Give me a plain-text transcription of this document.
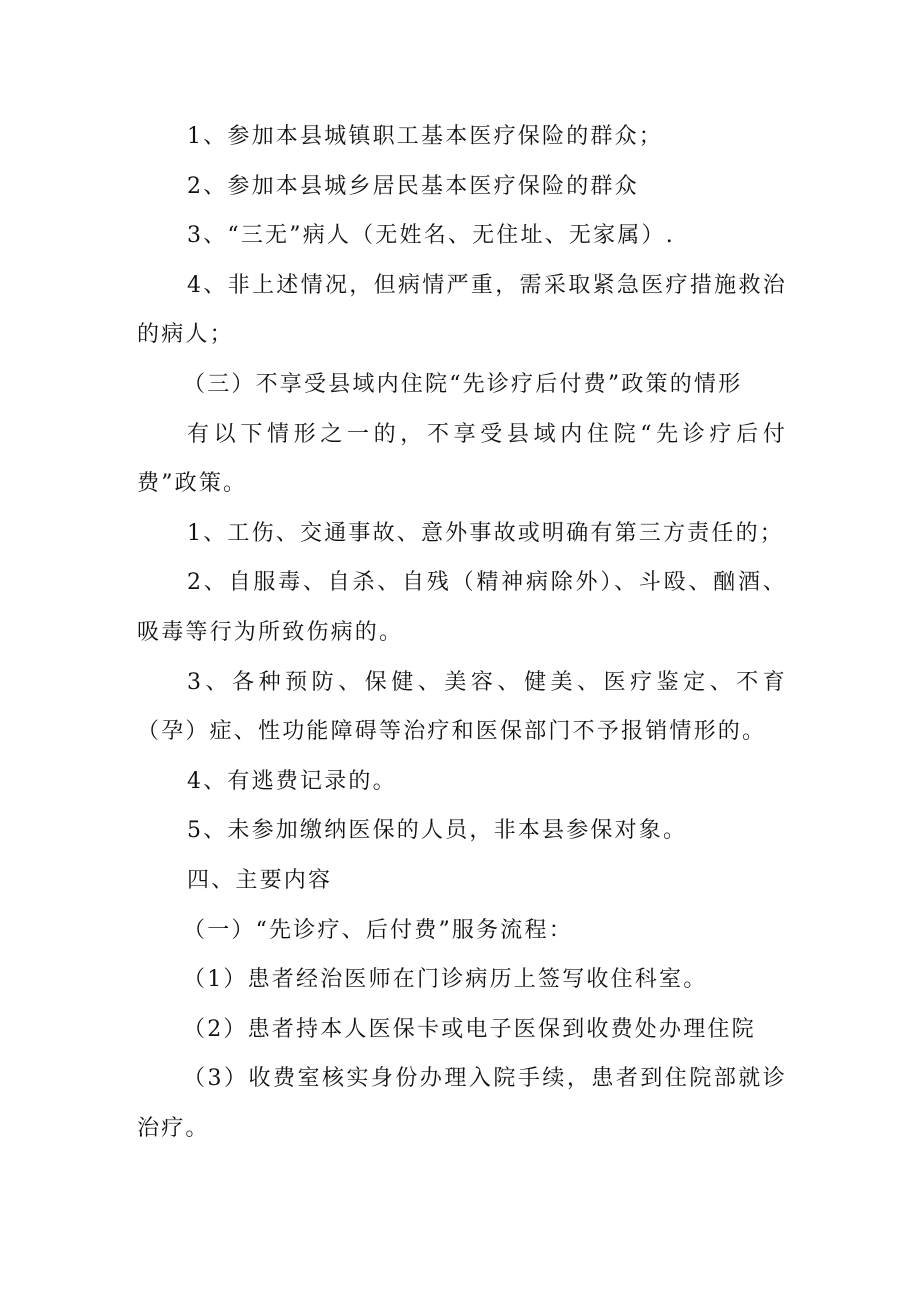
1、参加本县城镇职工基本医疗保险的群众；

2、参加本县城乡居民基本医疗保险的群众

3、“三无”病人（无姓名、无住址、无家属）.

4、非上述情况，但病情严重，需采取紧急医疗措施救治的病人；

（三）不享受县域内住院“先诊疗后付费”政策的情形

有以下情形之一的，不享受县域内住院“先诊疗后付费”政策。

1、工伤、交通事故、意外事故或明确有第三方责任的；

2、自服毒、自杀、自残（精神病除外）、斗殴、酗酒、吸毒等行为所致伤病的。

3、各种预防、保健、美容、健美、医疗鉴定、不育（孕）症、性功能障碍等治疗和医保部门不予报销情形的。

4、有逃费记录的。

5、未参加缴纳医保的人员，非本县参保对象。

四、主要内容

（一）“先诊疗、后付费”服务流程：

（1）患者经治医师在门诊病历上签写收住科室。

（2）患者持本人医保卡或电子医保到收费处办理住院

（3）收费室核实身份办理入院手续，患者到住院部就诊治疗。
